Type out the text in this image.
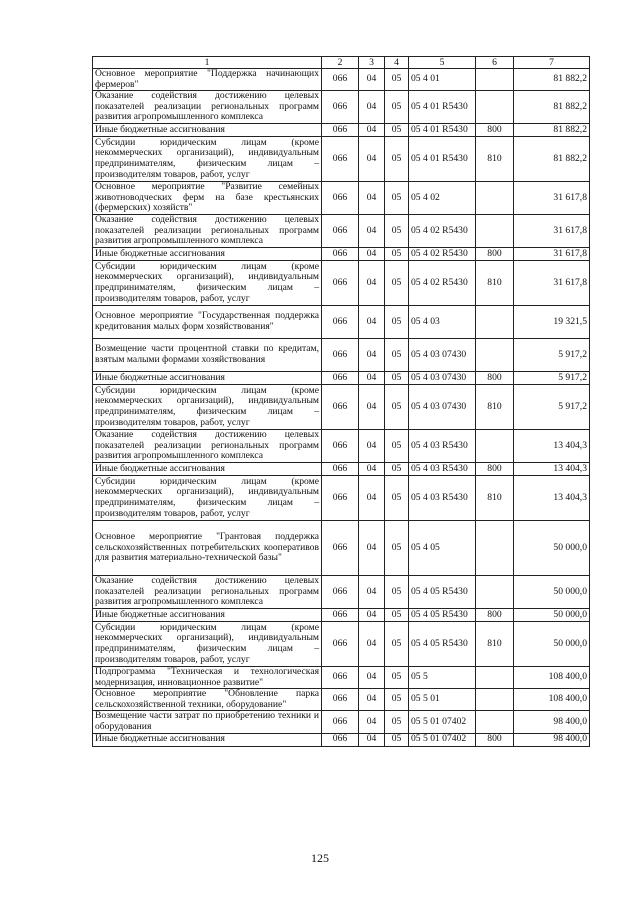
1	2	3	4	5	6	7
Основное мероприятие "Поддержка начинающих фермеров"	066	04	05	05 4 01		81 882,2
Оказание содействия достижению целевых показателей реализации региональных программ развития агропромышленного комплекса	066	04	05	05 4 01 R5430		81 882,2
Иные бюджетные ассигнования	066	04	05	05 4 01 R5430	800	81 882,2
Субсидии юридическим лицам (кроме некоммерческих организаций), индивидуальным предпринимателям, физическим лицам – производителям товаров, работ, услуг	066	04	05	05 4 01 R5430	810	81 882,2
Основное мероприятие "Развитие семейных животноводческих ферм на базе крестьянских (фермерских) хозяйств"	066	04	05	05 4 02		31 617,8
Оказание содействия достижению целевых показателей реализации региональных программ развития агропромышленного комплекса	066	04	05	05 4 02 R5430		31 617,8
Иные бюджетные ассигнования	066	04	05	05 4 02 R5430	800	31 617,8
Субсидии юридическим лицам (кроме некоммерческих организаций), индивидуальным предпринимателям, физическим лицам – производителям товаров, работ, услуг	066	04	05	05 4 02 R5430	810	31 617,8
Основное мероприятие "Государственная поддержка кредитования малых форм хозяйствования"	066	04	05	05 4 03		19 321,5
Возмещение части процентной ставки по кредитам, взятым малыми формами хозяйствования	066	04	05	05 4 03 07430		5 917,2
Иные бюджетные ассигнования	066	04	05	05 4 03 07430	800	5 917,2
Субсидии юридическим лицам (кроме некоммерческих организаций), индивидуальным предпринимателям, физическим лицам – производителям товаров, работ, услуг	066	04	05	05 4 03 07430	810	5 917,2
Оказание содействия достижению целевых показателей реализации региональных программ развития агропромышленного комплекса	066	04	05	05 4 03 R5430		13 404,3
Иные бюджетные ассигнования	066	04	05	05 4 03 R5430	800	13 404,3
Субсидии юридическим лицам (кроме некоммерческих организаций), индивидуальным предпринимателям, физическим лицам – производителям товаров, работ, услуг	066	04	05	05 4 03 R5430	810	13 404,3
Основное мероприятие "Грантовая поддержка сельскохозяйственных потребительских кооперативов для развития материально-технической базы"	066	04	05	05 4 05		50 000,0
Оказание содействия достижению целевых показателей реализации региональных программ развития агропромышленного комплекса	066	04	05	05 4 05 R5430		50 000,0
Иные бюджетные ассигнования	066	04	05	05 4 05 R5430	800	50 000,0
Субсидии юридическим лицам (кроме некоммерческих организаций), индивидуальным предпринимателям, физическим лицам – производителям товаров, работ, услуг	066	04	05	05 4 05 R5430	810	50 000,0
Подпрограмма "Техническая и технологическая модернизация, инновационное развитие"	066	04	05	05 5		108 400,0
Основное мероприятие "Обновление парка сельскохозяйственной техники, оборудование"	066	04	05	05 5 01		108 400,0
Возмещение части затрат по приобретению техники и оборудования	066	04	05	05 5 01 07402		98 400,0
Иные бюджетные ассигнования	066	04	05	05 5 01 07402	800	98 400,0
125
